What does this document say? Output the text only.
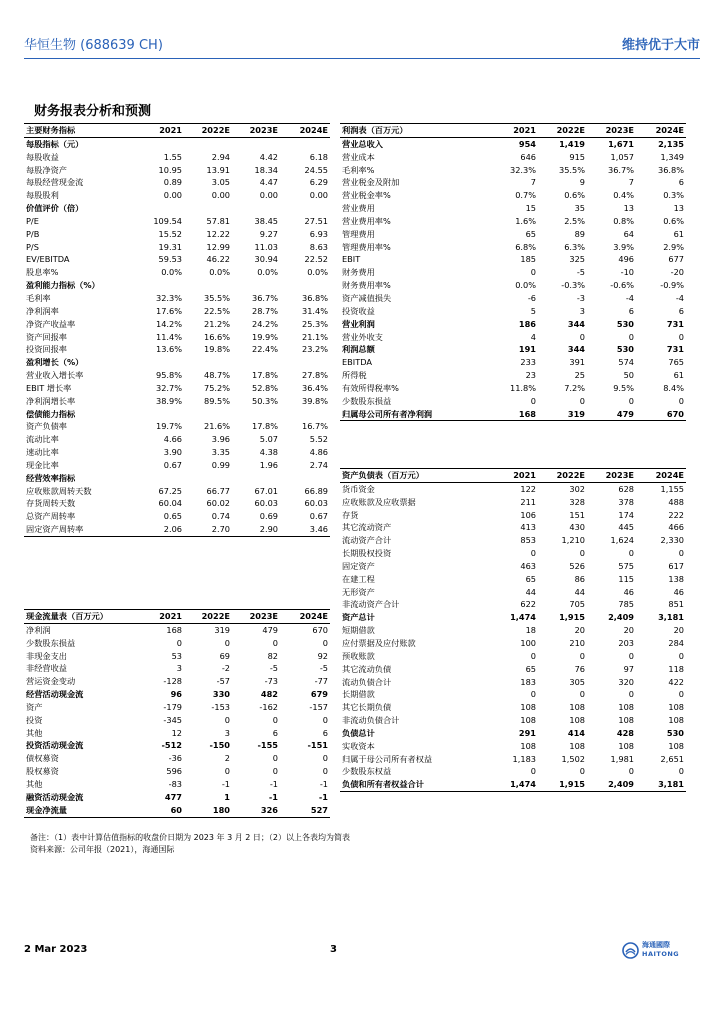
华恒生物 (688639 CH)	维持优于大市
财务报表分析和预测
主要财务指标	2021	2022E	2023E	2024E
每股指标（元）				
每股收益	1.55	2.94	4.42	6.18
每股净资产	10.95	13.91	18.34	24.55
每股经营现金流	0.89	3.05	4.47	6.29
每股股利	0.00	0.00	0.00	0.00
价值评价（倍）				
P/E	109.54	57.81	38.45	27.51
P/B	15.52	12.22	9.27	6.93
P/S	19.31	12.99	11.03	8.63
EV/EBITDA	59.53	46.22	30.94	22.52
股息率%	0.0%	0.0%	0.0%	0.0%
盈利能力指标（%）				
毛利率	32.3%	35.5%	36.7%	36.8%
净利润率	17.6%	22.5%	28.7%	31.4%
净资产收益率	14.2%	21.2%	24.2%	25.3%
资产回报率	11.4%	16.6%	19.9%	21.1%
投资回报率	13.6%	19.8%	22.4%	23.2%
盈利增长（%）				
营业收入增长率	95.8%	48.7%	17.8%	27.8%
EBIT 增长率	32.7%	75.2%	52.8%	36.4%
净利润增长率	38.9%	89.5%	50.3%	39.8%
偿债能力指标				
资产负债率	19.7%	21.6%	17.8%	16.7%
流动比率	4.66	3.96	5.07	5.52
速动比率	3.90	3.35	4.38	4.86
现金比率	0.67	0.99	1.96	2.74
经营效率指标				
应收账款周转天数	67.25	66.77	67.01	66.89
存货周转天数	60.04	60.02	60.03	60.03
总资产周转率	0.65	0.74	0.69	0.67
固定资产周转率	2.06	2.70	2.90	3.46
利润表（百万元）	2021	2022E	2023E	2024E
营业总收入	954	1,419	1,671	2,135
营业成本	646	915	1,057	1,349
毛利率%	32.3%	35.5%	36.7%	36.8%
营业税金及附加	7	9	7	6
营业税金率%	0.7%	0.6%	0.4%	0.3%
营业费用	15	35	13	13
营业费用率%	1.6%	2.5%	0.8%	0.6%
管理费用	65	89	64	61
管理费用率%	6.8%	6.3%	3.9%	2.9%
EBIT	185	325	496	677
财务费用	0	-5	-10	-20
财务费用率%	0.0%	-0.3%	-0.6%	-0.9%
资产减值损失	-6	-3	-4	-4
投资收益	5	3	6	6
营业利润	186	344	530	731
营业外收支	4	0	0	0
利润总额	191	344	530	731
EBITDA	233	391	574	765
所得税	23	25	50	61
有效所得税率%	11.8%	7.2%	9.5%	8.4%
少数股东损益	0	0	0	0
归属母公司所有者净利润	168	319	479	670
资产负债表（百万元）	2021	2022E	2023E	2024E
货币资金	122	302	628	1,155
应收账款及应收票据	211	328	378	488
存货	106	151	174	222
其它流动资产	413	430	445	466
流动资产合计	853	1,210	1,624	2,330
长期股权投资	0	0	0	0
固定资产	463	526	575	617
在建工程	65	86	115	138
无形资产	44	44	46	46
非流动资产合计	622	705	785	851
资产总计	1,474	1,915	2,409	3,181
短期借款	18	20	20	20
应付票据及应付账款	100	210	203	284
预收账款	0	0	0	0
其它流动负债	65	76	97	118
流动负债合计	183	305	320	422
长期借款	0	0	0	0
其它长期负债	108	108	108	108
非流动负债合计	108	108	108	108
负债总计	291	414	428	530
实收资本	108	108	108	108
归属于母公司所有者权益	1,183	1,502	1,981	2,651
少数股东权益	0	0	0	0
负债和所有者权益合计	1,474	1,915	2,409	3,181
现金流量表（百万元）	2021	2022E	2023E	2024E
净利润	168	319	479	670
少数股东损益	0	0	0	0
非现金支出	53	69	82	92
非经营收益	3	-2	-5	-5
营运资金变动	-128	-57	-73	-77
经营活动现金流	96	330	482	679
资产	-179	-153	-162	-157
投资	-345	0	0	0
其他	12	3	6	6
投资活动现金流	-512	-150	-155	-151
债权募资	-36	2	0	0
股权募资	596	0	0	0
其他	-83	-1	-1	-1
融资活动现金流	477	1	-1	-1
现金净流量	60	180	326	527
备注：（1）表中计算估值指标的收盘价日期为 2023 年 3 月 2 日；（2）以上各表均为简表
资料来源：公司年报（2021），海通国际
2 Mar 2023	3	海通國際
HAITONG
